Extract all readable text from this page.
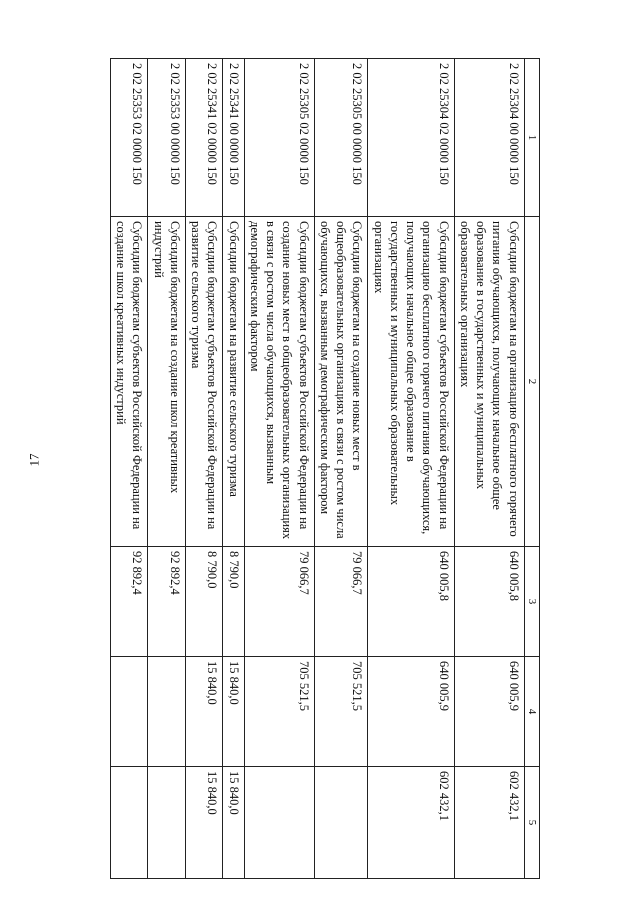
17
1	2	3	4	5
2 02 25304 00 0000 150	Субсидии бюджетам на организацию бесплатного горячего питания обучающихся, получающих начальное общее образование в государственных и муниципальных образовательных организациях	640 005,8	640 005,9	602 432,1
2 02 25304 02 0000 150	Субсидии бюджетам субъектов Российской Федерации на организацию бесплатного горячего питания обучающихся, получающих начальное общее образование в государственных и муниципальных образовательных организациях	640 005,8	640 005,9	602 432,1
2 02 25305 00 0000 150	Субсидии бюджетам на создание новых мест в общеобразовательных организациях в связи с ростом числа обучающихся, вызванным демографическим фактором	79 066,7	705 521,5	
2 02 25305 02 0000 150	Субсидии бюджетам субъектов Российской Федерации на создание новых мест в общеобразовательных организациях в связи с ростом числа обучающихся, вызванным демографическим фактором	79 066,7	705 521,5	
2 02 25341 00 0000 150	Субсидии бюджетам на развитие сельского туризма	8 790,0	15 840,0	15 840,0
2 02 25341 02 0000 150	Субсидии бюджетам субъектов Российской Федерации на развитие сельского туризма	8 790,0	15 840,0	15 840,0
2 02 25353 00 0000 150	Субсидии бюджетам на создание школ креативных индустрий	92 892,4		
2 02 25353 02 0000 150	Субсидии бюджетам субъектов Российской Федерации на создание школ креативных индустрий	92 892,4		
